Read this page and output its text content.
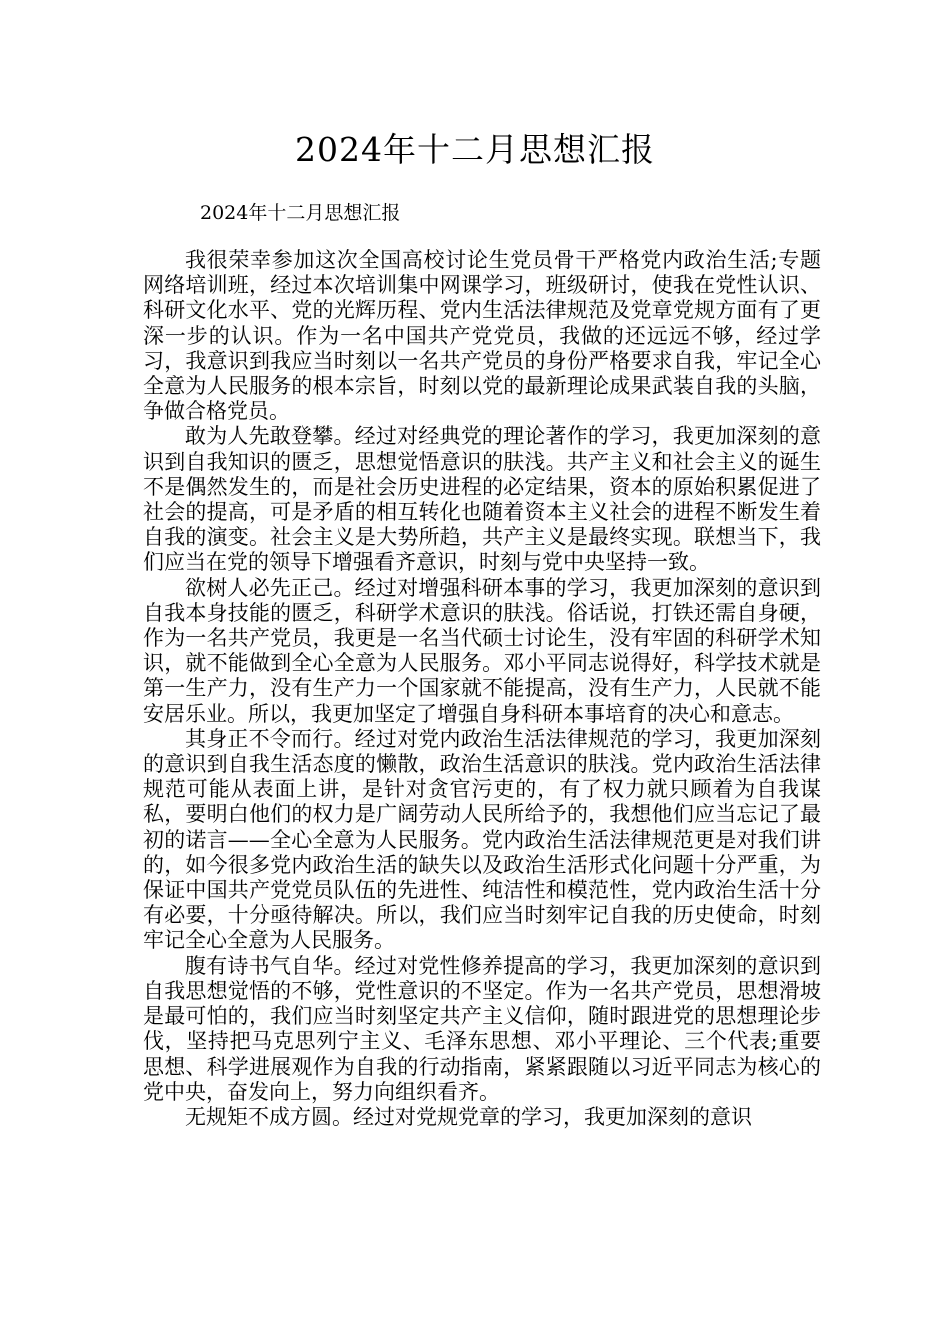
2024年十二月思想汇报

2024年十二月思想汇报

我很荣幸参加这次全国高校讨论生党员骨干严格党内政治生活;专题网络培训班，经过本次培训集中网课学习，班级研讨，使我在党性认识、科研文化水平、党的光辉历程、党内生活法律规范及党章党规方面有了更深一步的认识。作为一名中国共产党党员，我做的还远远不够，经过学习，我意识到我应当时刻以一名共产党员的身份严格要求自我，牢记全心全意为人民服务的根本宗旨，时刻以党的最新理论成果武装自我的头脑，争做合格党员。

敢为人先敢登攀。经过对经典党的理论著作的学习，我更加深刻的意识到自我知识的匮乏，思想觉悟意识的肤浅。共产主义和社会主义的诞生不是偶然发生的，而是社会历史进程的必定结果，资本的原始积累促进了社会的提高，可是矛盾的相互转化也随着资本主义社会的进程不断发生着自我的演变。社会主义是大势所趋，共产主义是最终实现。联想当下，我们应当在党的领导下增强看齐意识，时刻与党中央坚持一致。

欲树人必先正己。经过对增强科研本事的学习，我更加深刻的意识到自我本身技能的匮乏，科研学术意识的肤浅。俗话说，打铁还需自身硬，作为一名共产党员，我更是一名当代硕士讨论生，没有牢固的科研学术知识，就不能做到全心全意为人民服务。邓小平同志说得好，科学技术就是第一生产力，没有生产力一个国家就不能提高，没有生产力，人民就不能安居乐业。所以，我更加坚定了增强自身科研本事培育的决心和意志。

其身正不令而行。经过对党内政治生活法律规范的学习，我更加深刻的意识到自我生活态度的懒散，政治生活意识的肤浅。党内政治生活法律规范可能从表面上讲，是针对贪官污吏的，有了权力就只顾着为自我谋私，要明白他们的权力是广阔劳动人民所给予的，我想他们应当忘记了最初的诺言——全心全意为人民服务。党内政治生活法律规范更是对我们讲的，如今很多党内政治生活的缺失以及政治生活形式化问题十分严重，为保证中国共产党党员队伍的先进性、纯洁性和模范性，党内政治生活十分有必要，十分亟待解决。所以，我们应当时刻牢记自我的历史使命，时刻牢记全心全意为人民服务。

腹有诗书气自华。经过对党性修养提高的学习，我更加深刻的意识到自我思想觉悟的不够，党性意识的不坚定。作为一名共产党员，思想滑坡是最可怕的，我们应当时刻坚定共产主义信仰，随时跟进党的思想理论步伐，坚持把马克思列宁主义、毛泽东思想、邓小平理论、三个代表;重要思想、科学进展观作为自我的行动指南，紧紧跟随以习近平同志为核心的党中央，奋发向上，努力向组织看齐。

无规矩不成方圆。经过对党规党章的学习，我更加深刻的意识
